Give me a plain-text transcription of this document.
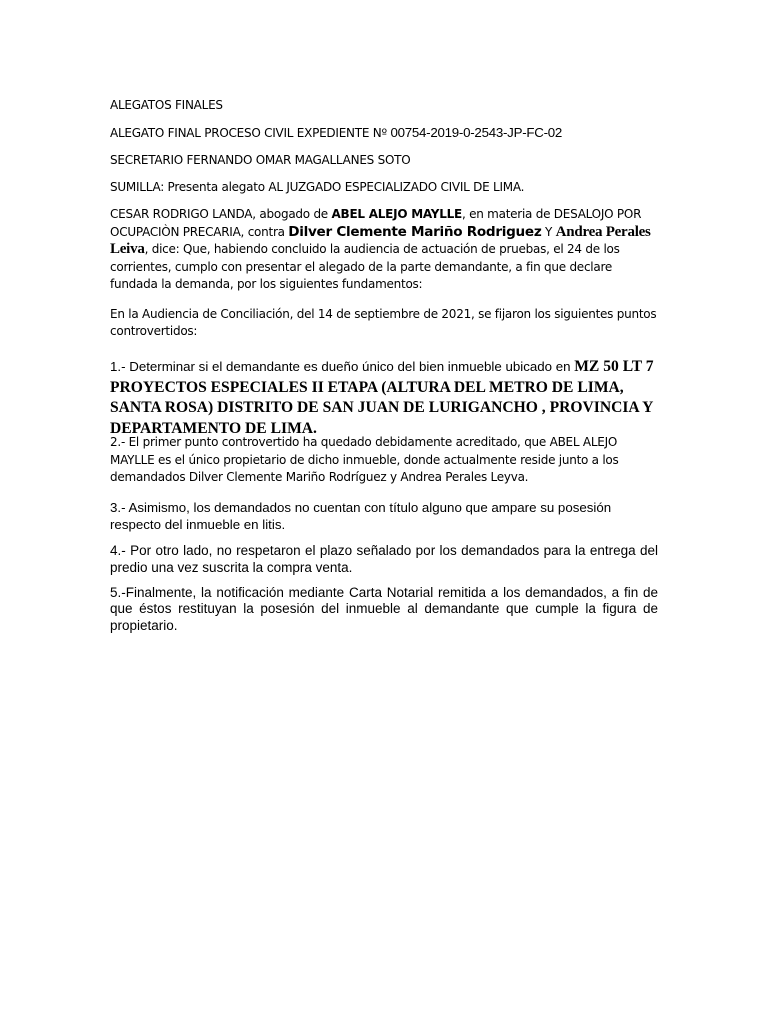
ALEGATOS FINALES

ALEGATO FINAL PROCESO CIVIL EXPEDIENTE Nº 00754-2019-0-2543-JP-FC-02

SECRETARIO FERNANDO OMAR MAGALLANES SOTO

SUMILLA: Presenta alegato AL JUZGADO ESPECIALIZADO CIVIL DE LIMA.

CESAR RODRIGO LANDA, abogado de ABEL ALEJO MAYLLE, en materia de DESALOJO POR OCUPACIÒN PRECARIA, contra Dilver Clemente Mariño Rodriguez Y Andrea Perales Leiva, dice: Que, habiendo concluido la audiencia de actuación de pruebas, el 24 de los corrientes, cumplo con presentar el alegado de la parte demandante, a fin que declare fundada la demanda, por los siguientes fundamentos:

En la Audiencia de Conciliación, del 14 de septiembre de 2021, se fijaron los siguientes puntos controvertidos:

1.- Determinar si el demandante es dueño único del bien inmueble ubicado en MZ 50 LT 7 PROYECTOS ESPECIALES II ETAPA (ALTURA DEL METRO DE LIMA, SANTA ROSA) DISTRITO DE SAN JUAN DE LURIGANCHO , PROVINCIA Y DEPARTAMENTO DE LIMA.

2.- El primer punto controvertido ha quedado debidamente acreditado, que ABEL ALEJO MAYLLE es el único propietario de dicho inmueble, donde actualmente reside junto a los demandados Dilver Clemente Mariño Rodríguez y Andrea Perales Leyva.

3.- Asimismo, los demandados no cuentan con título alguno que ampare su posesión respecto del inmueble en litis.

4.- Por otro lado, no respetaron el plazo señalado por los demandados para la entrega del predio una vez suscrita la compra venta.

5.-Finalmente, la notificación mediante Carta Notarial remitida a los demandados, a fin de que éstos restituyan la posesión del inmueble al demandante que cumple la figura de propietario.
